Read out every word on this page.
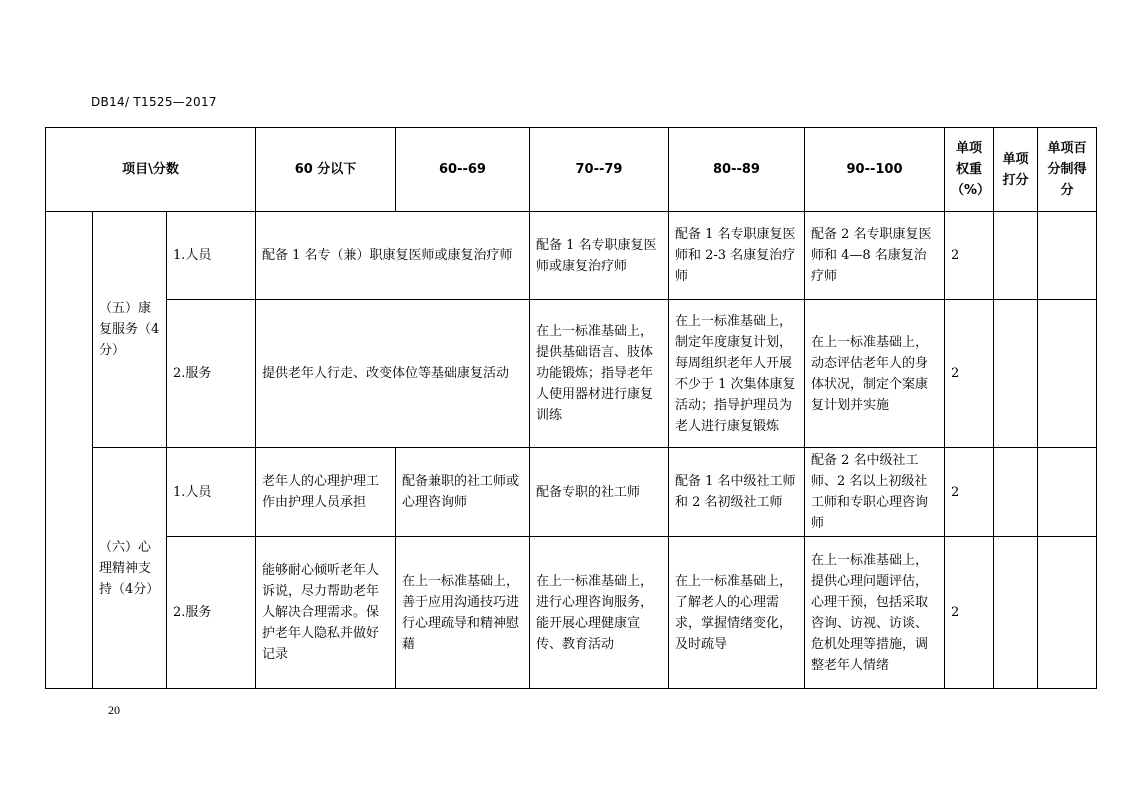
DB14/ T1525—2017
项目\分数			60 分以下	60--69	70--79	80--89	90--100	单项权重（%）	单项打分	单项百分制得分
	（五）康复服务（4分）	1.人员	配备 1 名专（兼）职康复医师或康复治疗师		配备 1 名专职康复医师或康复治疗师	配备 1 名专职康复医师和 2-3 名康复治疗师	配备 2 名专职康复医师和 4—8 名康复治疗师	2		
		2.服务	提供老年人行走、改变体位等基础康复活动		在上一标准基础上，提供基础语言、肢体功能锻炼；指导老年人使用器材进行康复训练	在上一标准基础上，制定年度康复计划，每周组织老年人开展不少于 1 次集体康复活动；指导护理员为老人进行康复锻炼	在上一标准基础上，动态评估老年人的身体状况，制定个案康复计划并实施	2		
	（六）心理精神支持（4分）	1.人员	老年人的心理护理工作由护理人员承担	配备兼职的社工师或心理咨询师	配备专职的社工师	配备 1 名中级社工师和 2 名初级社工师	配备 2 名中级社工师、2 名以上初级社工师和专职心理咨询师	2		
		2.服务	能够耐心倾听老年人诉说，尽力帮助老年人解决合理需求。保护老年人隐私并做好记录	在上一标准基础上，善于应用沟通技巧进行心理疏导和精神慰藉	在上一标准基础上，进行心理咨询服务，能开展心理健康宣传、教育活动	在上一标准基础上，了解老人的心理需求，掌握情绪变化，及时疏导	在上一标准基础上，提供心理问题评估，心理干预，包括采取咨询、访视、访谈、危机处理等措施，调整老年人情绪	2		
20
